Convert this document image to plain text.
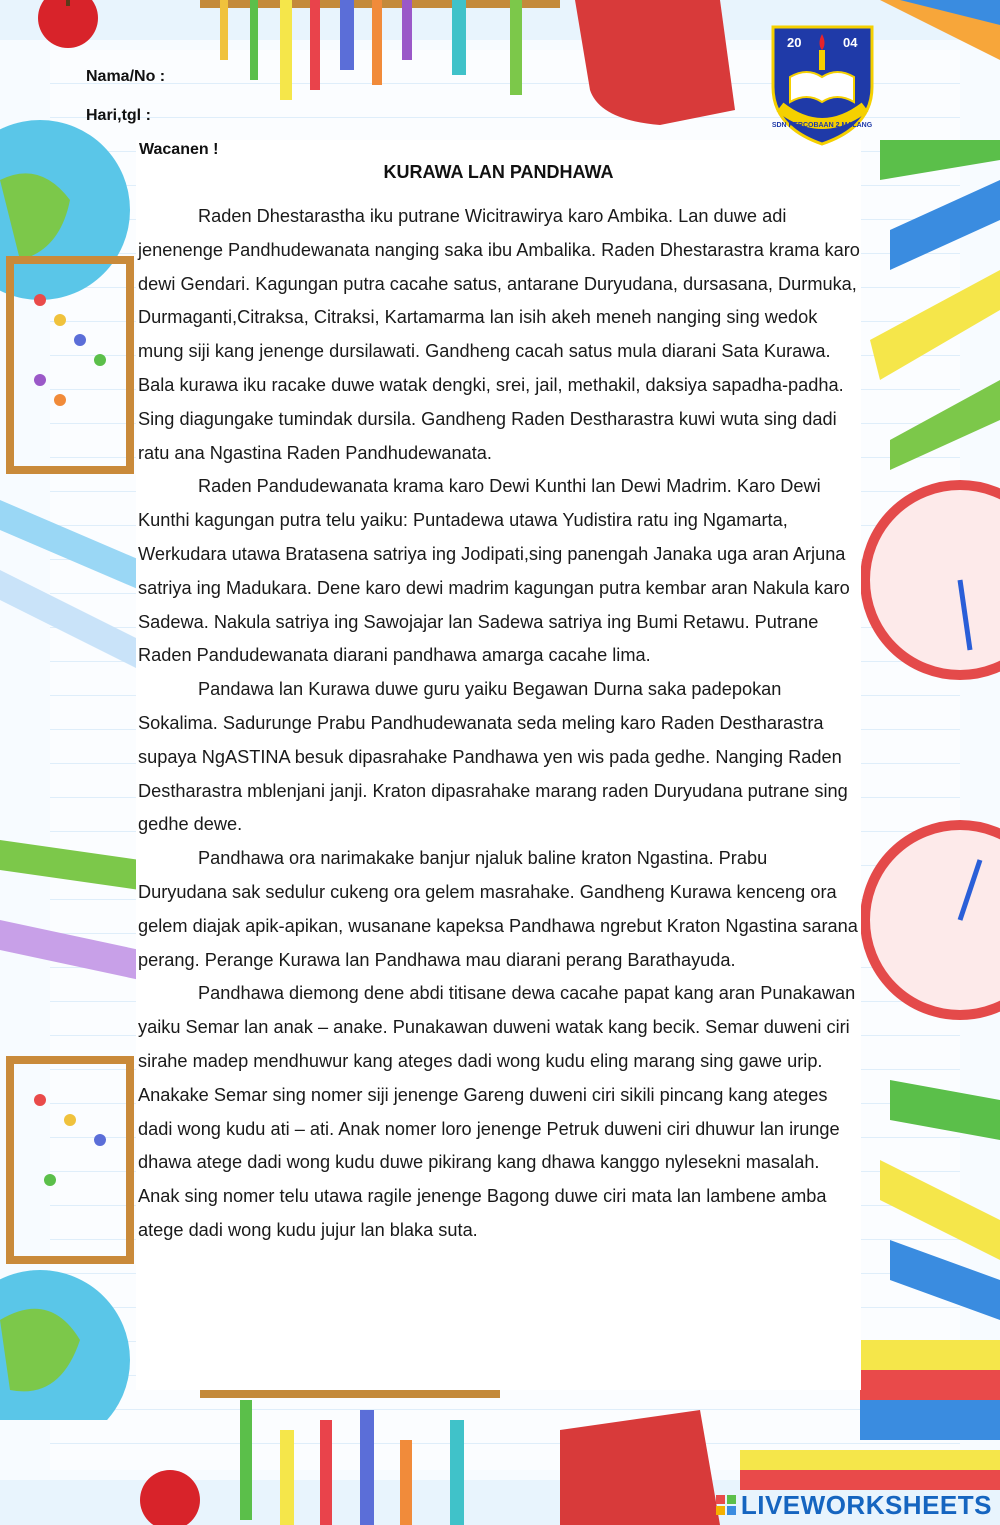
20	04
SDN PERCOBAAN 2 MALANG
Nama/No :
Hari,tgl :
Wacanen !
KURAWA LAN PANDHAWA

Raden Dhestarastha iku putrane Wicitrawirya karo Ambika. Lan duwe adi jenenenge Pandhudewanata nanging saka ibu Ambalika. Raden Dhestarastra krama karo dewi Gendari. Kagungan putra cacahe satus, antarane Duryudana, dursasana, Durmuka, Durmaganti,Citraksa, Citraksi, Kartamarma lan isih akeh meneh nanging sing wedok mung siji kang jenenge dursilawati. Gandheng cacah satus mula diarani Sata Kurawa. Bala kurawa iku racake duwe watak dengki, srei, jail, methakil, daksiya sapadha-padha. Sing diagungake tumindak dursila. Gandheng Raden Destharastra kuwi wuta sing dadi ratu ana Ngastina Raden Pandhudewanata.

Raden Pandudewanata krama karo Dewi Kunthi lan Dewi Madrim. Karo Dewi Kunthi kagungan putra telu yaiku: Puntadewa utawa Yudistira ratu ing Ngamarta, Werkudara utawa Bratasena satriya ing Jodipati,sing panengah Janaka uga aran Arjuna satriya ing Madukara. Dene karo dewi madrim kagungan putra kembar aran Nakula karo Sadewa. Nakula satriya ing Sawojajar lan Sadewa satriya ing Bumi Retawu. Putrane Raden Pandudewanata diarani pandhawa amarga cacahe lima.

Pandawa lan Kurawa duwe guru yaiku Begawan Durna saka padepokan Sokalima. Sadurunge Prabu Pandhudewanata seda meling karo Raden Destharastra supaya NgASTINA besuk dipasrahake Pandhawa yen wis pada gedhe. Nanging Raden Destharastra mblenjani janji. Kraton dipasrahake marang raden Duryudana putrane sing gedhe dewe.

Pandhawa ora narimakake banjur njaluk baline kraton Ngastina. Prabu Duryudana sak sedulur cukeng ora gelem masrahake. Gandheng Kurawa kenceng ora gelem diajak apik-apikan, wusanane kapeksa Pandhawa ngrebut Kraton Ngastina sarana perang. Perange Kurawa lan Pandhawa mau diarani perang Barathayuda.

Pandhawa diemong dene abdi titisane dewa cacahe papat kang aran Punakawan yaiku Semar lan anak – anake. Punakawan duweni watak kang becik. Semar duweni ciri sirahe madep mendhuwur kang ateges dadi wong kudu eling marang sing gawe urip. Anakake Semar sing nomer siji jenenge Gareng duweni ciri sikili pincang kang ateges dadi wong kudu ati – ati. Anak nomer loro jenenge Petruk duweni ciri dhuwur lan irunge dhawa atege dadi wong kudu duwe pikirang kang dhawa kanggo nylesekni masalah. Anak sing nomer telu utawa ragile jenenge Bagong duwe ciri mata lan lambene amba atege dadi wong kudu jujur lan blaka suta.

LIVEWORKSHEETS
